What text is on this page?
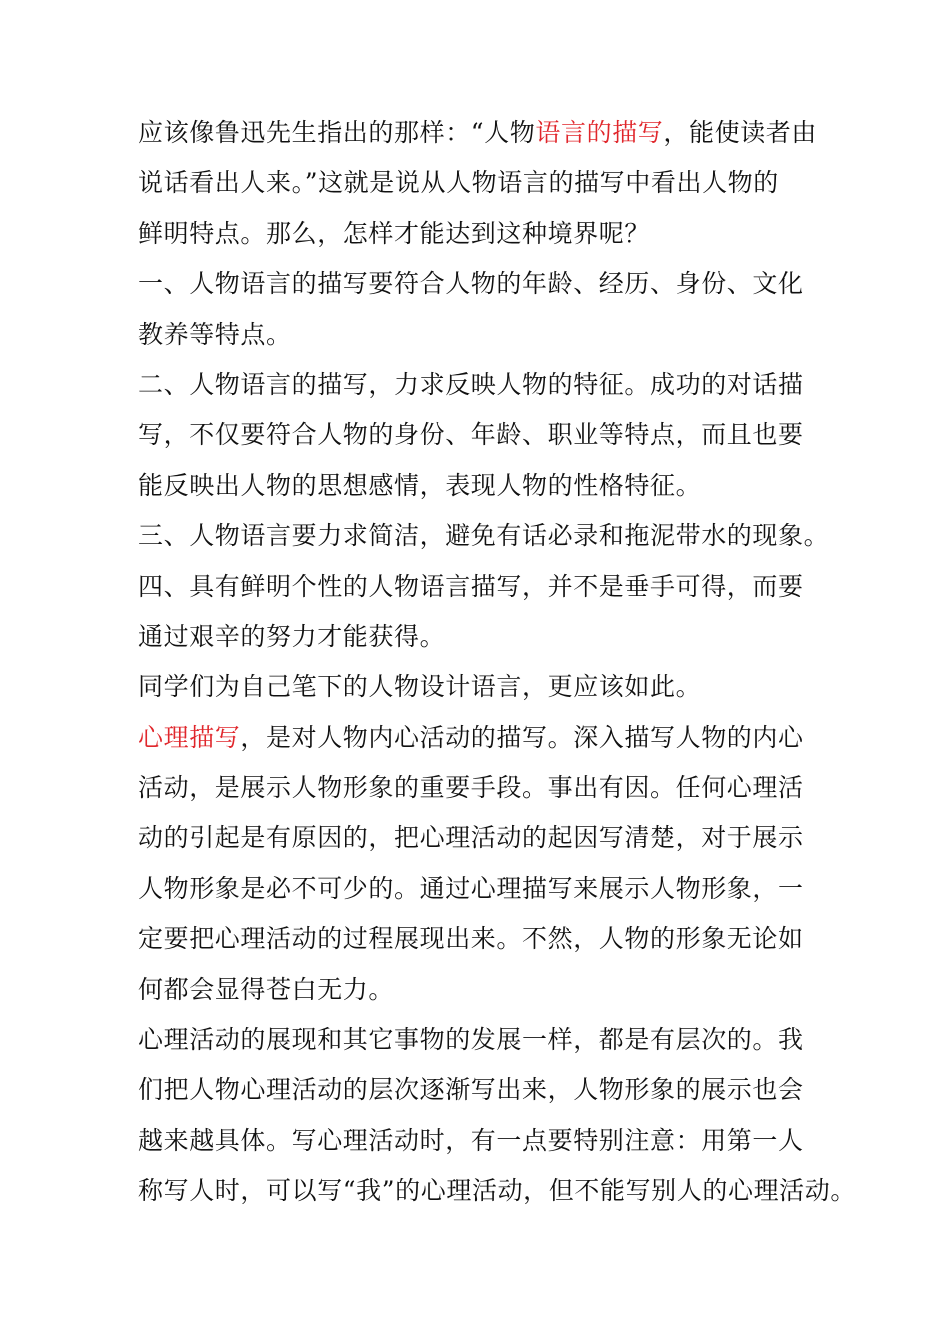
应该像鲁迅先生指出的那样：“人物语言的描写，能使读者由
说话看出人来。”这就是说从人物语言的描写中看出人物的
鲜明特点。那么，怎样才能达到这种境界呢？
一、人物语言的描写要符合人物的年龄、经历、身份、文化
教养等特点。
二、人物语言的描写，力求反映人物的特征。成功的对话描
写，不仅要符合人物的身份、年龄、职业等特点，而且也要
能反映出人物的思想感情，表现人物的性格特征。
三、人物语言要力求简洁，避免有话必录和拖泥带水的现象。
四、具有鲜明个性的人物语言描写，并不是垂手可得，而要
通过艰辛的努力才能获得。
同学们为自己笔下的人物设计语言，更应该如此。
心理描写，是对人物内心活动的描写。深入描写人物的内心
活动，是展示人物形象的重要手段。事出有因。任何心理活
动的引起是有原因的，把心理活动的起因写清楚，对于展示
人物形象是必不可少的。通过心理描写来展示人物形象，一
定要把心理活动的过程展现出来。不然，人物的形象无论如
何都会显得苍白无力。
心理活动的展现和其它事物的发展一样，都是有层次的。我
们把人物心理活动的层次逐渐写出来，人物形象的展示也会
越来越具体。写心理活动时，有一点要特别注意：用第一人
称写人时，可以写“我”的心理活动，但不能写别人的心理活动。
